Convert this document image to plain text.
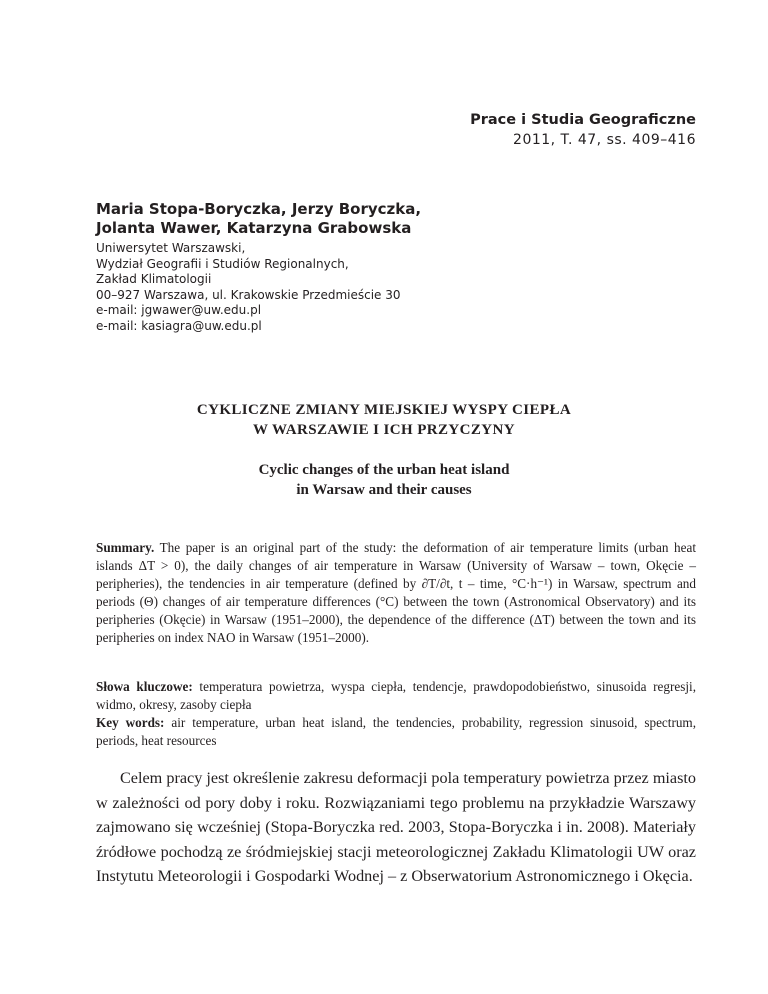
Prace i Studia Geograficzne
2011, T. 47, ss. 409–416
Maria Stopa-Boryczka, Jerzy Boryczka, Jolanta Wawer, Katarzyna Grabowska
Uniwersytet Warszawski,
Wydział Geografii i Studiów Regionalnych,
Zakład Klimatologii
00–927 Warszawa, ul. Krakowskie Przedmieście 30
e-mail: jgwawer@uw.edu.pl
e-mail: kasiagra@uw.edu.pl
CYKLICZNE ZMIANY MIEJSKIEJ WYSPY CIEPŁA
W WARSZAWIE I ICH PRZYCZYNY
Cyclic changes of the urban heat island
in Warsaw and their causes
Summary. The paper is an original part of the study: the deformation of air temperature limits (urban heat islands ΔT > 0), the daily changes of air temperature in Warsaw (University of Warsaw – town, Okęcie – peripheries), the tendencies in air temperature (defined by ∂T/∂t, t – time, °C·h⁻¹) in Warsaw, spectrum and periods (Θ) changes of air temperature differences (°C) between the town (Astronomical Observatory) and its peripheries (Okęcie) in Warsaw (1951–2000), the dependence of the difference (ΔT) between the town and its peripheries on index NAO in Warsaw (1951–2000).
Słowa kluczowe: temperatura powietrza, wyspa ciepła, tendencje, prawdopodobieństwo, sinusoida regresji, widmo, okresy, zasoby ciepła
Key words: air temperature, urban heat island, the tendencies, probability, regression sinusoid, spectrum, periods, heat resources

Celem pracy jest określenie zakresu deformacji pola temperatury powietrza przez miasto w zależności od pory doby i roku. Rozwiązaniami tego problemu na przykładzie Warszawy zajmowano się wcześniej (Stopa-Boryczka red. 2003, Stopa-Boryczka i in. 2008). Materiały źródłowe pochodzą ze śródmiejskiej stacji meteorologicznej Zakładu Klimatologii UW oraz Instytutu Meteorologii i Gospodarki Wodnej – z Obserwatorium Astronomicznego i Okęcia.
